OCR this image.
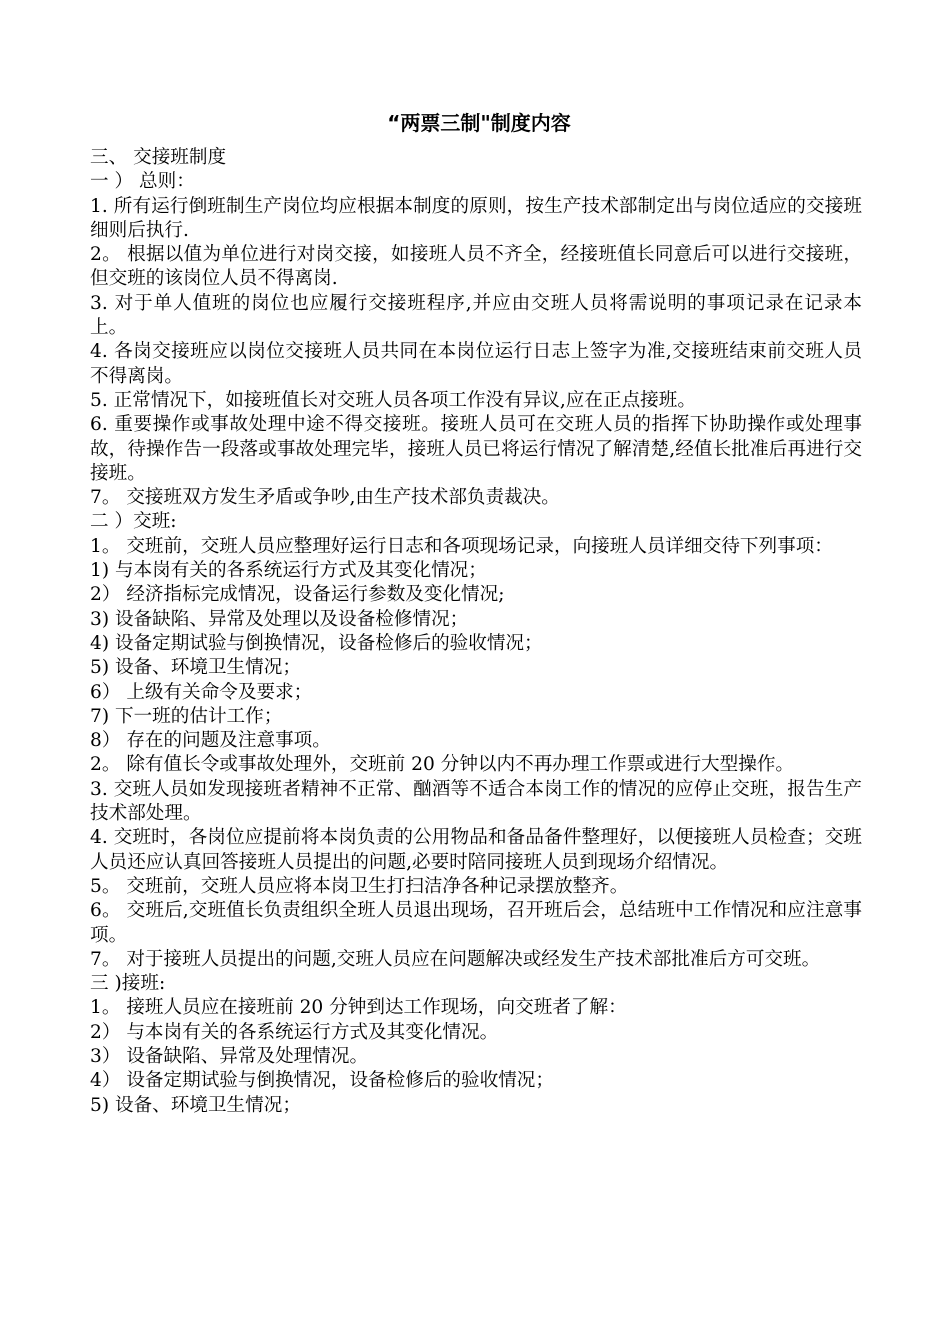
“两票三制"制度内容
三、 交接班制度
一 ） 总则：
1. 所有运行倒班制生产岗位均应根据本制度的原则，按生产技术部制定出与岗位适应的交接班细则后执行.
2。 根据以值为单位进行对岗交接，如接班人员不齐全，经接班值长同意后可以进行交接班，但交班的该岗位人员不得离岗.
3. 对于单人值班的岗位也应履行交接班程序,并应由交班人员将需说明的事项记录在记录本上。
4. 各岗交接班应以岗位交接班人员共同在本岗位运行日志上签字为准,交接班结束前交班人员不得离岗。
5. 正常情况下，如接班值长对交班人员各项工作没有异议,应在正点接班。
6. 重要操作或事故处理中途不得交接班。接班人员可在交班人员的指挥下协助操作或处理事故，待操作告一段落或事故处理完毕，接班人员已将运行情况了解清楚,经值长批准后再进行交接班。
7。 交接班双方发生矛盾或争吵,由生产技术部负责裁决。
二 ）交班:
1。 交班前，交班人员应整理好运行日志和各项现场记录，向接班人员详细交待下列事项：
1) 与本岗有关的各系统运行方式及其变化情况；
2） 经济指标完成情况，设备运行参数及变化情况;
3) 设备缺陷、异常及处理以及设备检修情况；
4) 设备定期试验与倒换情况，设备检修后的验收情况；
5) 设备、环境卫生情况；
6） 上级有关命令及要求；
7) 下一班的估计工作；
8） 存在的问题及注意事项。
2。 除有值长令或事故处理外，交班前 20 分钟以内不再办理工作票或进行大型操作。
3. 交班人员如发现接班者精神不正常、酗酒等不适合本岗工作的情况的应停止交班，报告生产技术部处理。
4. 交班时，各岗位应提前将本岗负责的公用物品和备品备件整理好，以便接班人员检查；交班人员还应认真回答接班人员提出的问题,必要时陪同接班人员到现场介绍情况。
5。 交班前，交班人员应将本岗卫生打扫洁净各种记录摆放整齐。
6。 交班后,交班值长负责组织全班人员退出现场，召开班后会，总结班中工作情况和应注意事项。
7。 对于接班人员提出的问题,交班人员应在问题解决或经发生产技术部批准后方可交班。
三 )接班:
1。 接班人员应在接班前 20 分钟到达工作现场，向交班者了解：
2） 与本岗有关的各系统运行方式及其变化情况。
3） 设备缺陷、异常及处理情况。
4） 设备定期试验与倒换情况，设备检修后的验收情况；
5) 设备、环境卫生情况；
